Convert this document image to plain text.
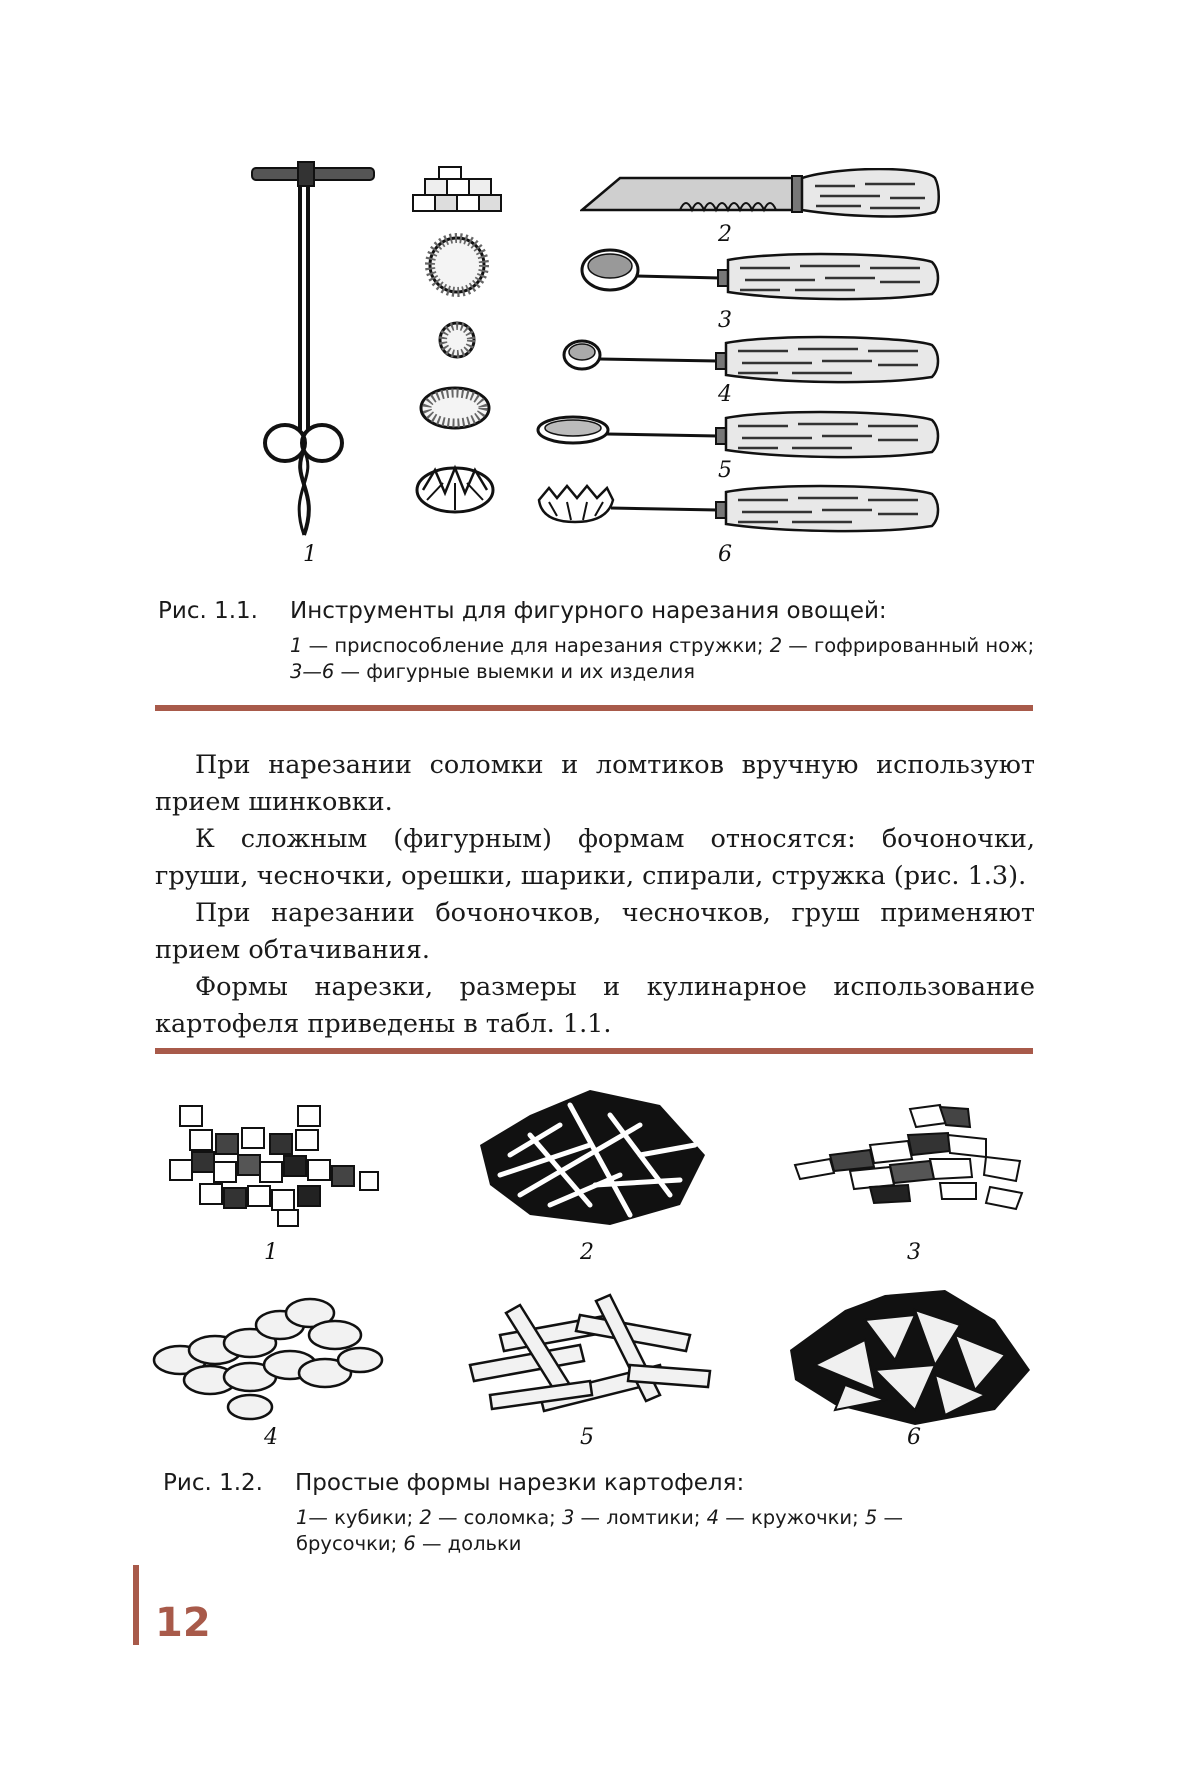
1
2
3
4
5
6
Рис. 1.1. Инструменты для фигурного нарезания овощей:
1 — приспособление для нарезания стружки; 2 — гофрированный нож; 3—6 — фигурные выемки и их изделия

При нарезании соломки и ломтиков вручную используют прием шинковки.

К сложным (фигурным) формам относятся: бочоночки, груши, чесночки, орешки, шарики, спирали, стружка (рис. 1.3).

При нарезании бочоночков, чесночков, груш применяют прием обтачивания.

Формы нарезки, размеры и кулинарное использование картофеля приведены в табл. 1.1.

1	2	3
4	5	6
Рис. 1.2. Простые формы нарезки картофеля:
1— кубики; 2 — соломка; 3 — ломтики; 4 — кружочки; 5 — брусочки; 6 — дольки
12
